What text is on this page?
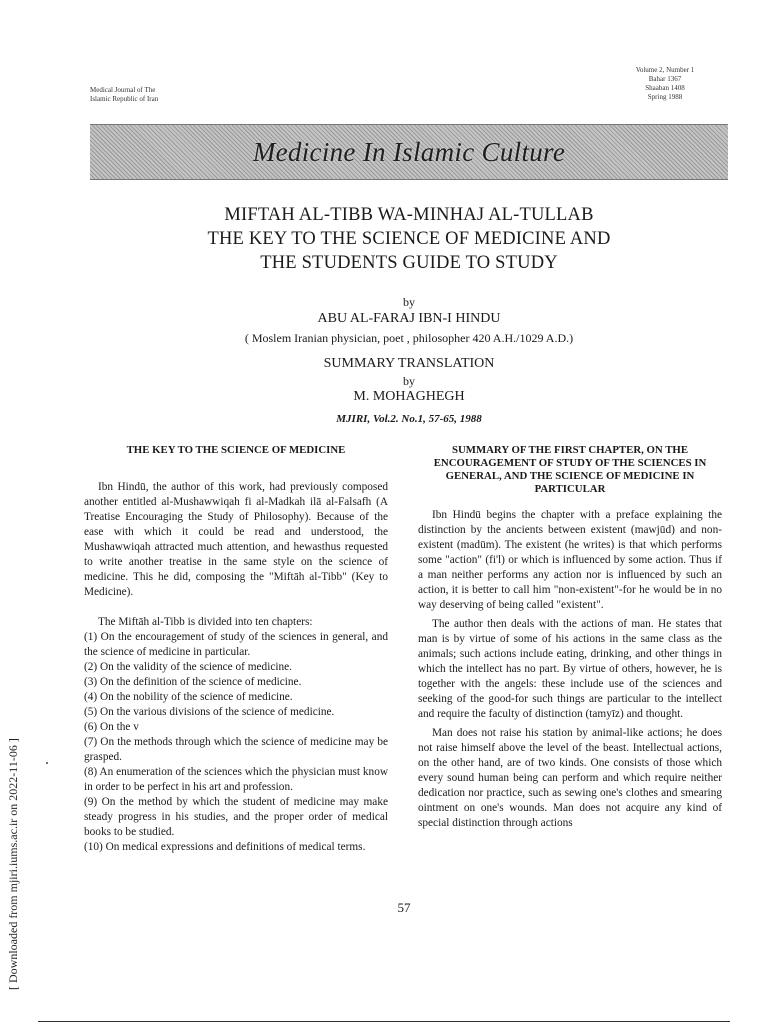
Medical Journal of The
Islamic Republic of Iran
Volume 2, Number 1
Bahar 1367
Shaaban 1408
Spring 1988
Medicine In Islamic Culture
MIFTAH AL-TIBB WA-MINHAJ AL-TULLAB
THE KEY TO THE SCIENCE OF MEDICINE AND
THE STUDENTS GUIDE TO STUDY
by
ABU AL-FARAJ IBN-I HINDU
( Moslem Iranian physician, poet , philosopher 420 A.H./1029 A.D.)
SUMMARY TRANSLATION
by
M. MOHAGHEGH
MJIRI, Vol.2. No.1, 57-65, 1988
THE KEY TO THE SCIENCE OF MEDICINE

Ibn Hindū, the author of this work, had previously composed another entitled al-Mushawwiqah fi al-Madkah ilā al-Falsafh (A Treatise Encouraging the Study of Philosophy). Because of the ease with which it could be read and understood, the Mushawwiqah attracted much attention, and hewasthus requested to write another treatise in the same style on the science of medicine. This he did, composing the "Miftāh al-Tibb" (Key to Medicine).

The Miftāh al-Tibb is divided into ten chapters:

(1) On the encouragement of study of the sciences in general, and the science of medicine in particular.

(2) On the validity of the science of medicine.

(3) On the definition of the science of medicine.

(4) On the nobility of the science of medicine.

(5) On the various divisions of the science of medicine.

(6) On the v

(7) On the methods through which the science of medicine may be grasped.

(8) An enumeration of the sciences which the physician must know in order to be perfect in his art and profession.

(9) On the method by which the student of medicine may make steady progress in his studies, and the proper order of medical books to be studied.

(10) On medical expressions and definitions of medical terms.

SUMMARY OF THE FIRST CHAPTER, ON THE ENCOURAGEMENT OF STUDY OF THE SCIENCES IN GENERAL, AND THE SCIENCE OF MEDICINE IN PARTICULAR

Ibn Hindū begins the chapter with a preface explaining the distinction by the ancients between existent (mawjūd) and non-existent (madūm). The existent (he writes) is that which performs some "action" (fi'l) or which is influenced by some action. Thus if a man neither performs any action nor is influenced by such an action, it is better to call him "non-existent"-for he would be in no way deserving of being called "existent".

The author then deals with the actions of man. He states that man is by virtue of some of his actions in the same class as the animals; such actions include eating, drinking, and other things in which the intellect has no part. By virtue of others, however, he is together with the angels: these include use of the sciences and seeking of the good-for such things are particular to the intellect and require the faculty of distinction (tamyīz) and thought.

Man does not raise his station by animal-like actions; he does not raise himself above the level of the beast. Intellectual actions, on the other hand, are of two kinds. One consists of those which every sound human being can perform and which require neither dedication nor practice, such as sewing one's clothes and smearing ointment on one's wounds. Man does not acquire any kind of special distinction through actions

57
[ Downloaded from mjiri.iums.ac.ir on 2022-11-06 ]
